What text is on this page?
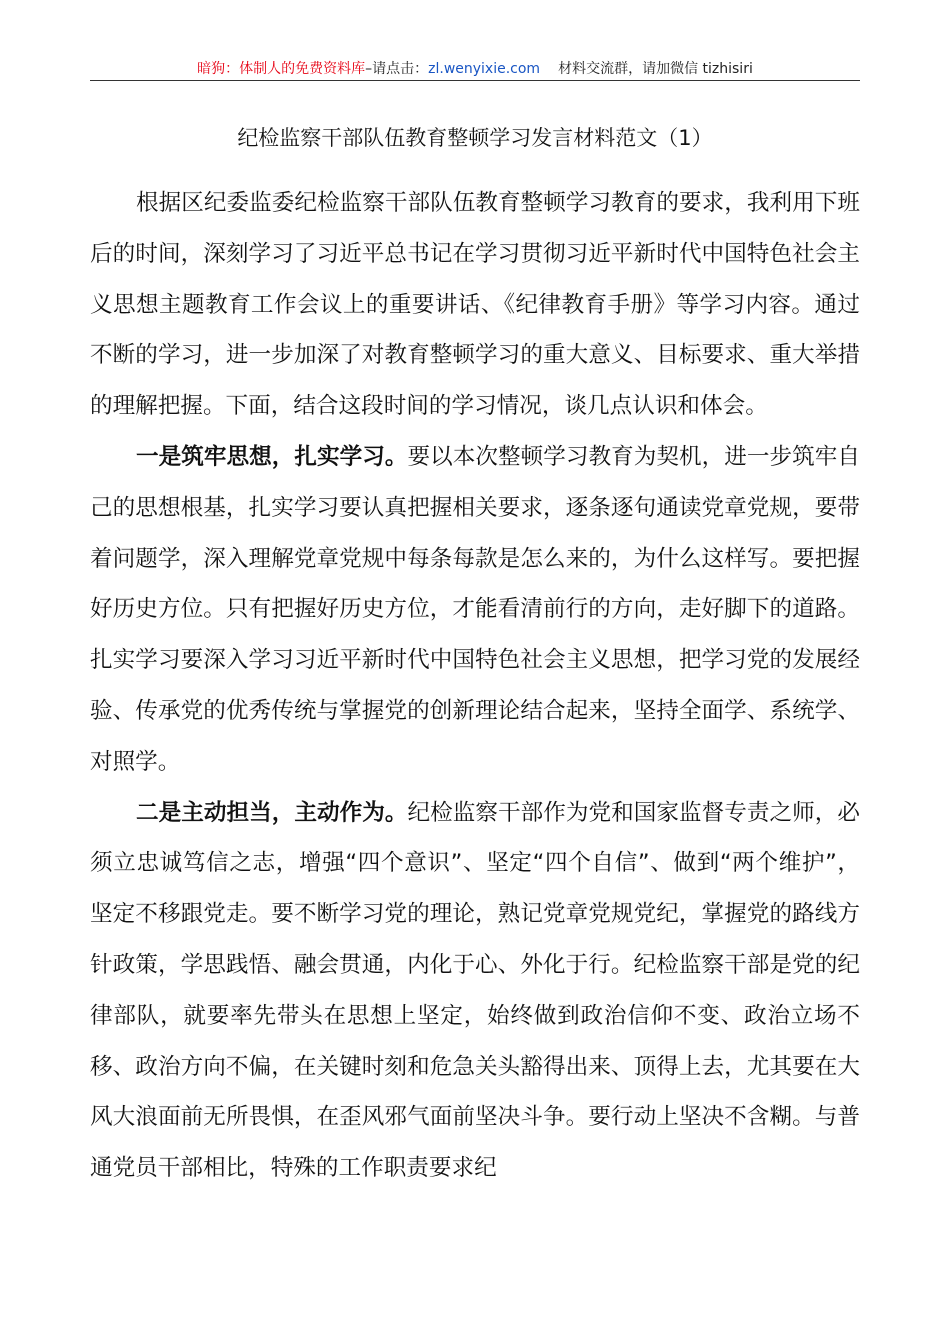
暗狗：体制人的免费资料库–请点击：zl.wenyixie.com 材料交流群，请加微信 tizhisiri
纪检监察干部队伍教育整顿学习发言材料范文（1）

根据区纪委监委纪检监察干部队伍教育整顿学习教育的要求，我利用下班后的时间，深刻学习了习近平总书记在学习贯彻习近平新时代中国特色社会主义思想主题教育工作会议上的重要讲话、《纪律教育手册》等学习内容。通过不断的学习，进一步加深了对教育整顿学习的重大意义、目标要求、重大举措的理解把握。下面，结合这段时间的学习情况，谈几点认识和体会。

一是筑牢思想，扎实学习。要以本次整顿学习教育为契机，进一步筑牢自己的思想根基，扎实学习要认真把握相关要求，逐条逐句通读党章党规，要带着问题学，深入理解党章党规中每条每款是怎么来的，为什么这样写。要把握好历史方位。只有把握好历史方位，才能看清前行的方向，走好脚下的道路。扎实学习要深入学习习近平新时代中国特色社会主义思想，把学习党的发展经验、传承党的优秀传统与掌握党的创新理论结合起来，坚持全面学、系统学、对照学。

二是主动担当，主动作为。纪检监察干部作为党和国家监督专责之师，必须立忠诚笃信之志，增强“四个意识”、坚定“四个自信”、做到“两个维护”，坚定不移跟党走。要不断学习党的理论，熟记党章党规党纪，掌握党的路线方针政策，学思践悟、融会贯通，内化于心、外化于行。纪检监察干部是党的纪律部队，就要率先带头在思想上坚定，始终做到政治信仰不变、政治立场不移、政治方向不偏，在关键时刻和危急关头豁得出来、顶得上去，尤其要在大风大浪面前无所畏惧，在歪风邪气面前坚决斗争。要行动上坚决不含糊。与普通党员干部相比，特殊的工作职责要求纪
